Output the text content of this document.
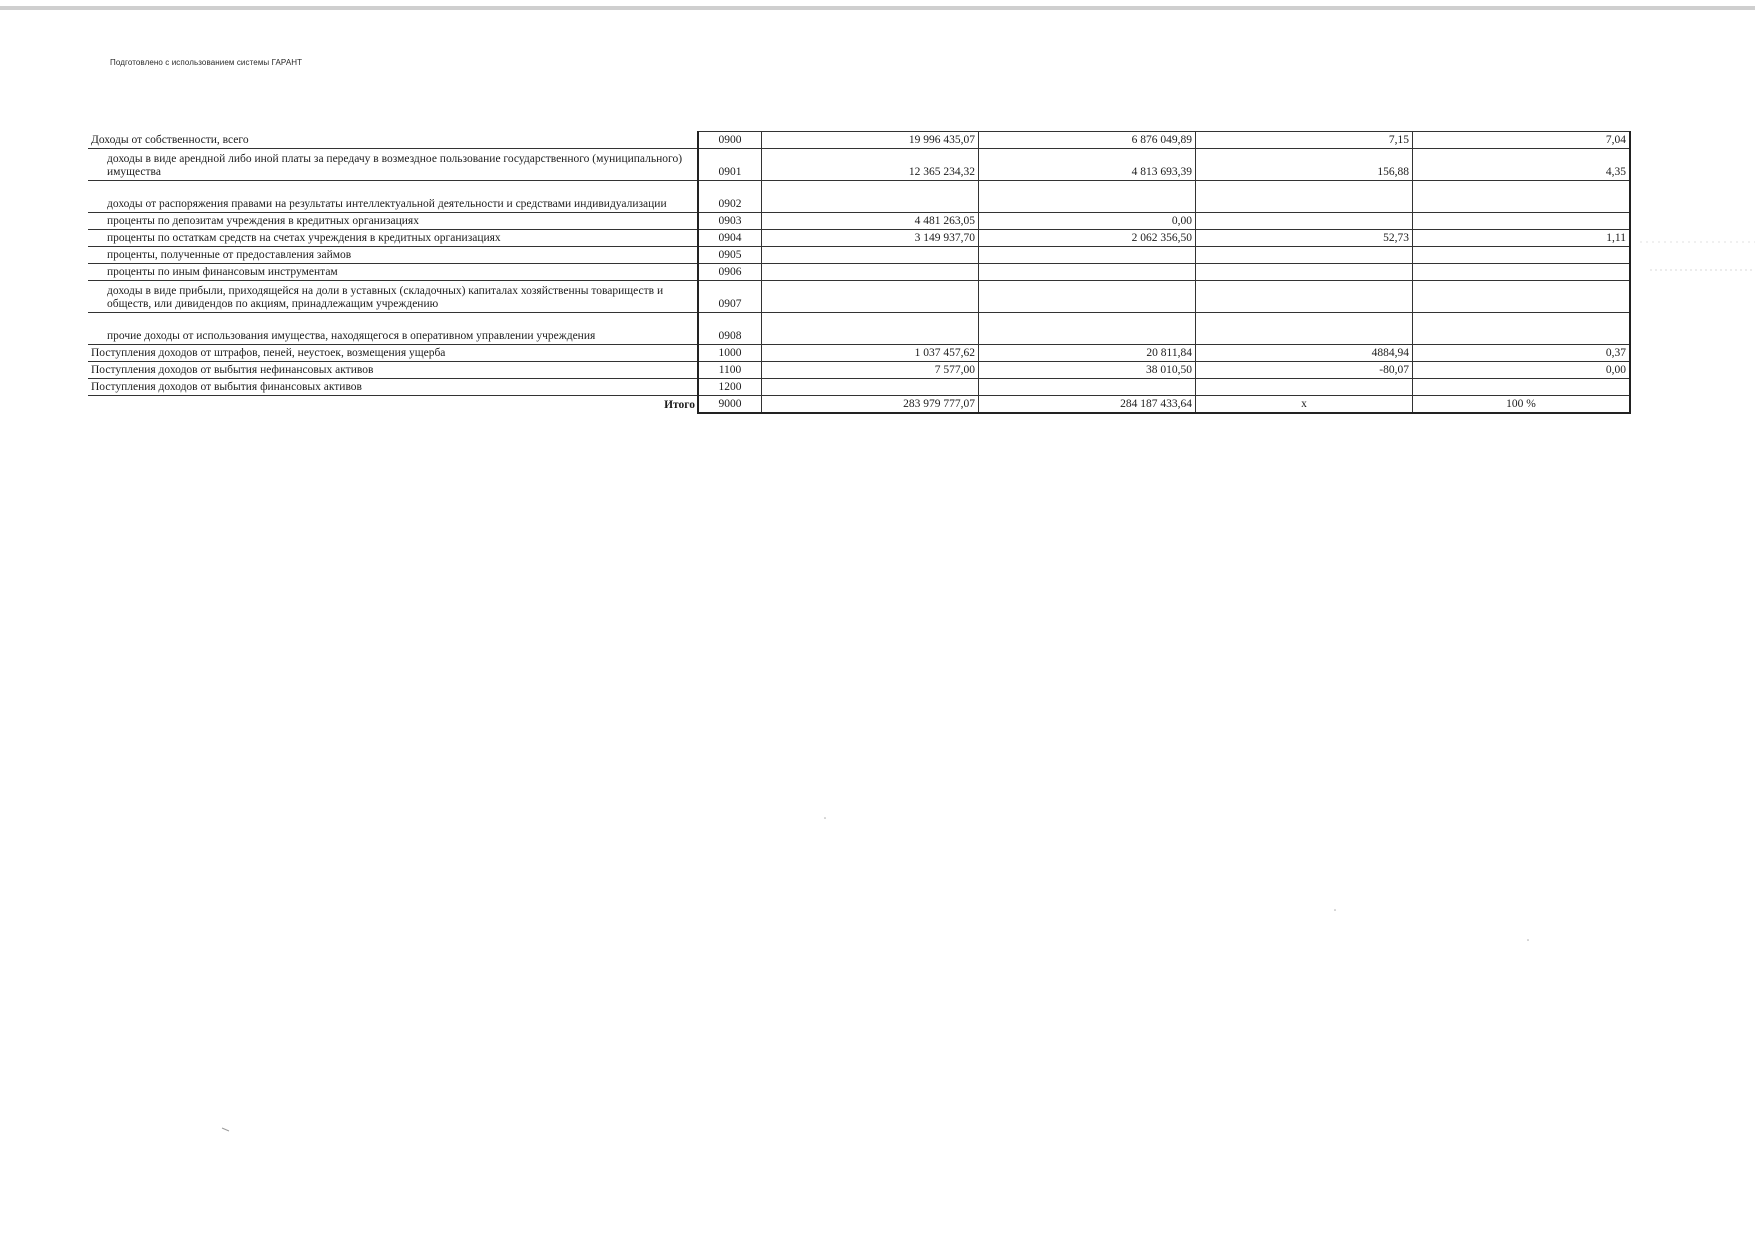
Подготовлено с использованием системы ГАРАНТ
Доходы от собственности, всего	0900	19 996 435,07	6 876 049,89	7,15	7,04
доходы в виде арендной либо иной платы за передачу в возмездное пользование государственного (муниципального) имущества	0901	12 365 234,32	4 813 693,39	156,88	4,35
доходы от распоряжения правами на результаты интеллектуальной деятельности и средствами индивидуализации	0902				
проценты по депозитам учреждения в кредитных организациях	0903	4 481 263,05	0,00		
проценты по остаткам средств на счетах учреждения в кредитных организациях	0904	3 149 937,70	2 062 356,50	52,73	1,11
проценты, полученные от предоставления займов	0905				
проценты по иным финансовым инструментам	0906				
доходы в виде прибыли, приходящейся на доли в уставных (складочных) капиталах хозяйственны товариществ и обществ, или дивидендов по акциям, принадлежащим учреждению	0907				
прочие доходы от использования имущества, находящегося в оперативном управлении учреждения	0908				
Поступления доходов от штрафов, пеней, неустоек, возмещения ущерба	1000	1 037 457,62	20 811,84	4884,94	0,37
Поступления доходов от выбытия нефинансовых активов	1100	7 577,00	38 010,50	-80,07	0,00
Поступления доходов от выбытия финансовых активов	1200				
Итого	9000	283 979 777,07	284 187 433,64	х	100 %
